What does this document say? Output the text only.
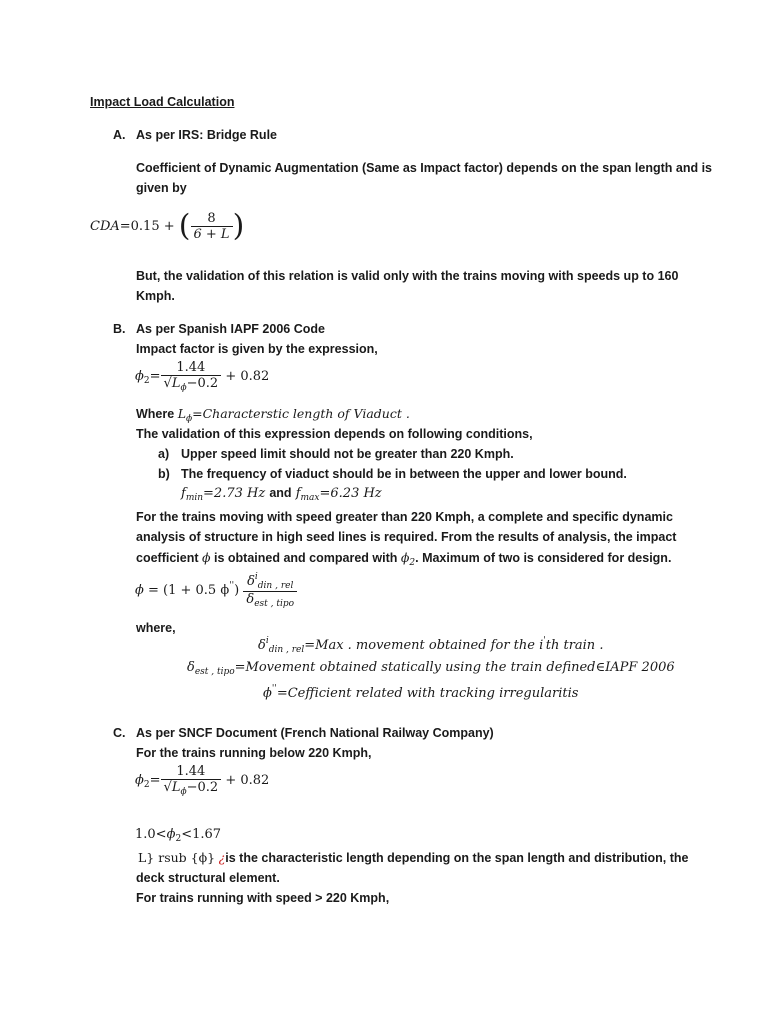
Impact Load Calculation
A. As per IRS: Bridge Rule
Coefficient of Dynamic Augmentation (Same as Impact factor) depends on the span length and is
given by
CDA=0.15 + ( $\frac{8}{6 + L}$ )
But, the validation of this relation is valid only with the trains moving with speeds up to 160
Kmph.
B. As per Spanish IAPF 2006 Code
Impact factor is given by the expression,
$\phi_2= \frac{1.44}{√L_\phi-0.2} + 0.82$
Where $L_\phi=Characterstic$ length of Viaduct .
The validation of this expression depends on following conditions,
a) Upper speed limit should not be greater than 220 Kmph.
b) The frequency of viaduct should be in between the upper and lower bound.
$f_{min}=2.73$ Hz and $f_{max}=6.23$ Hz
For the trains moving with speed greater than 220 Kmph, a complete and specific dynamic
analysis of structure in high seed lines is required. From the results of analysis, the impact
coefficient ϕ is obtained and compared with $\phi_2$. Maximum of two is considered for design.
ϕ = (1 + 0.5 $\phi'') \frac{\delta^i_{din , rel}}{\delta_{est , tipo}}$
where,
$\delta^i_{din , rel}=Max$ . movement obtained for the i'th train .
$\delta_{est , tipo}=Movement$ obtained statically using the train defined∈IAPF 2006
ϕ''=Cefficient related with tracking irregularitis
C. As per SNCF Document (French National Railway Company)
For the trains running below 220 Kmph,
$\phi_2= \frac{1.44}{√L_\phi-0.2} + 0.82$
$1.0<\phi_2<1.67$
L} rsub {ϕ} ¿is the characteristic length depending on the span length and distribution, the
deck structural element.
For trains running with speed > 220 Kmph,
